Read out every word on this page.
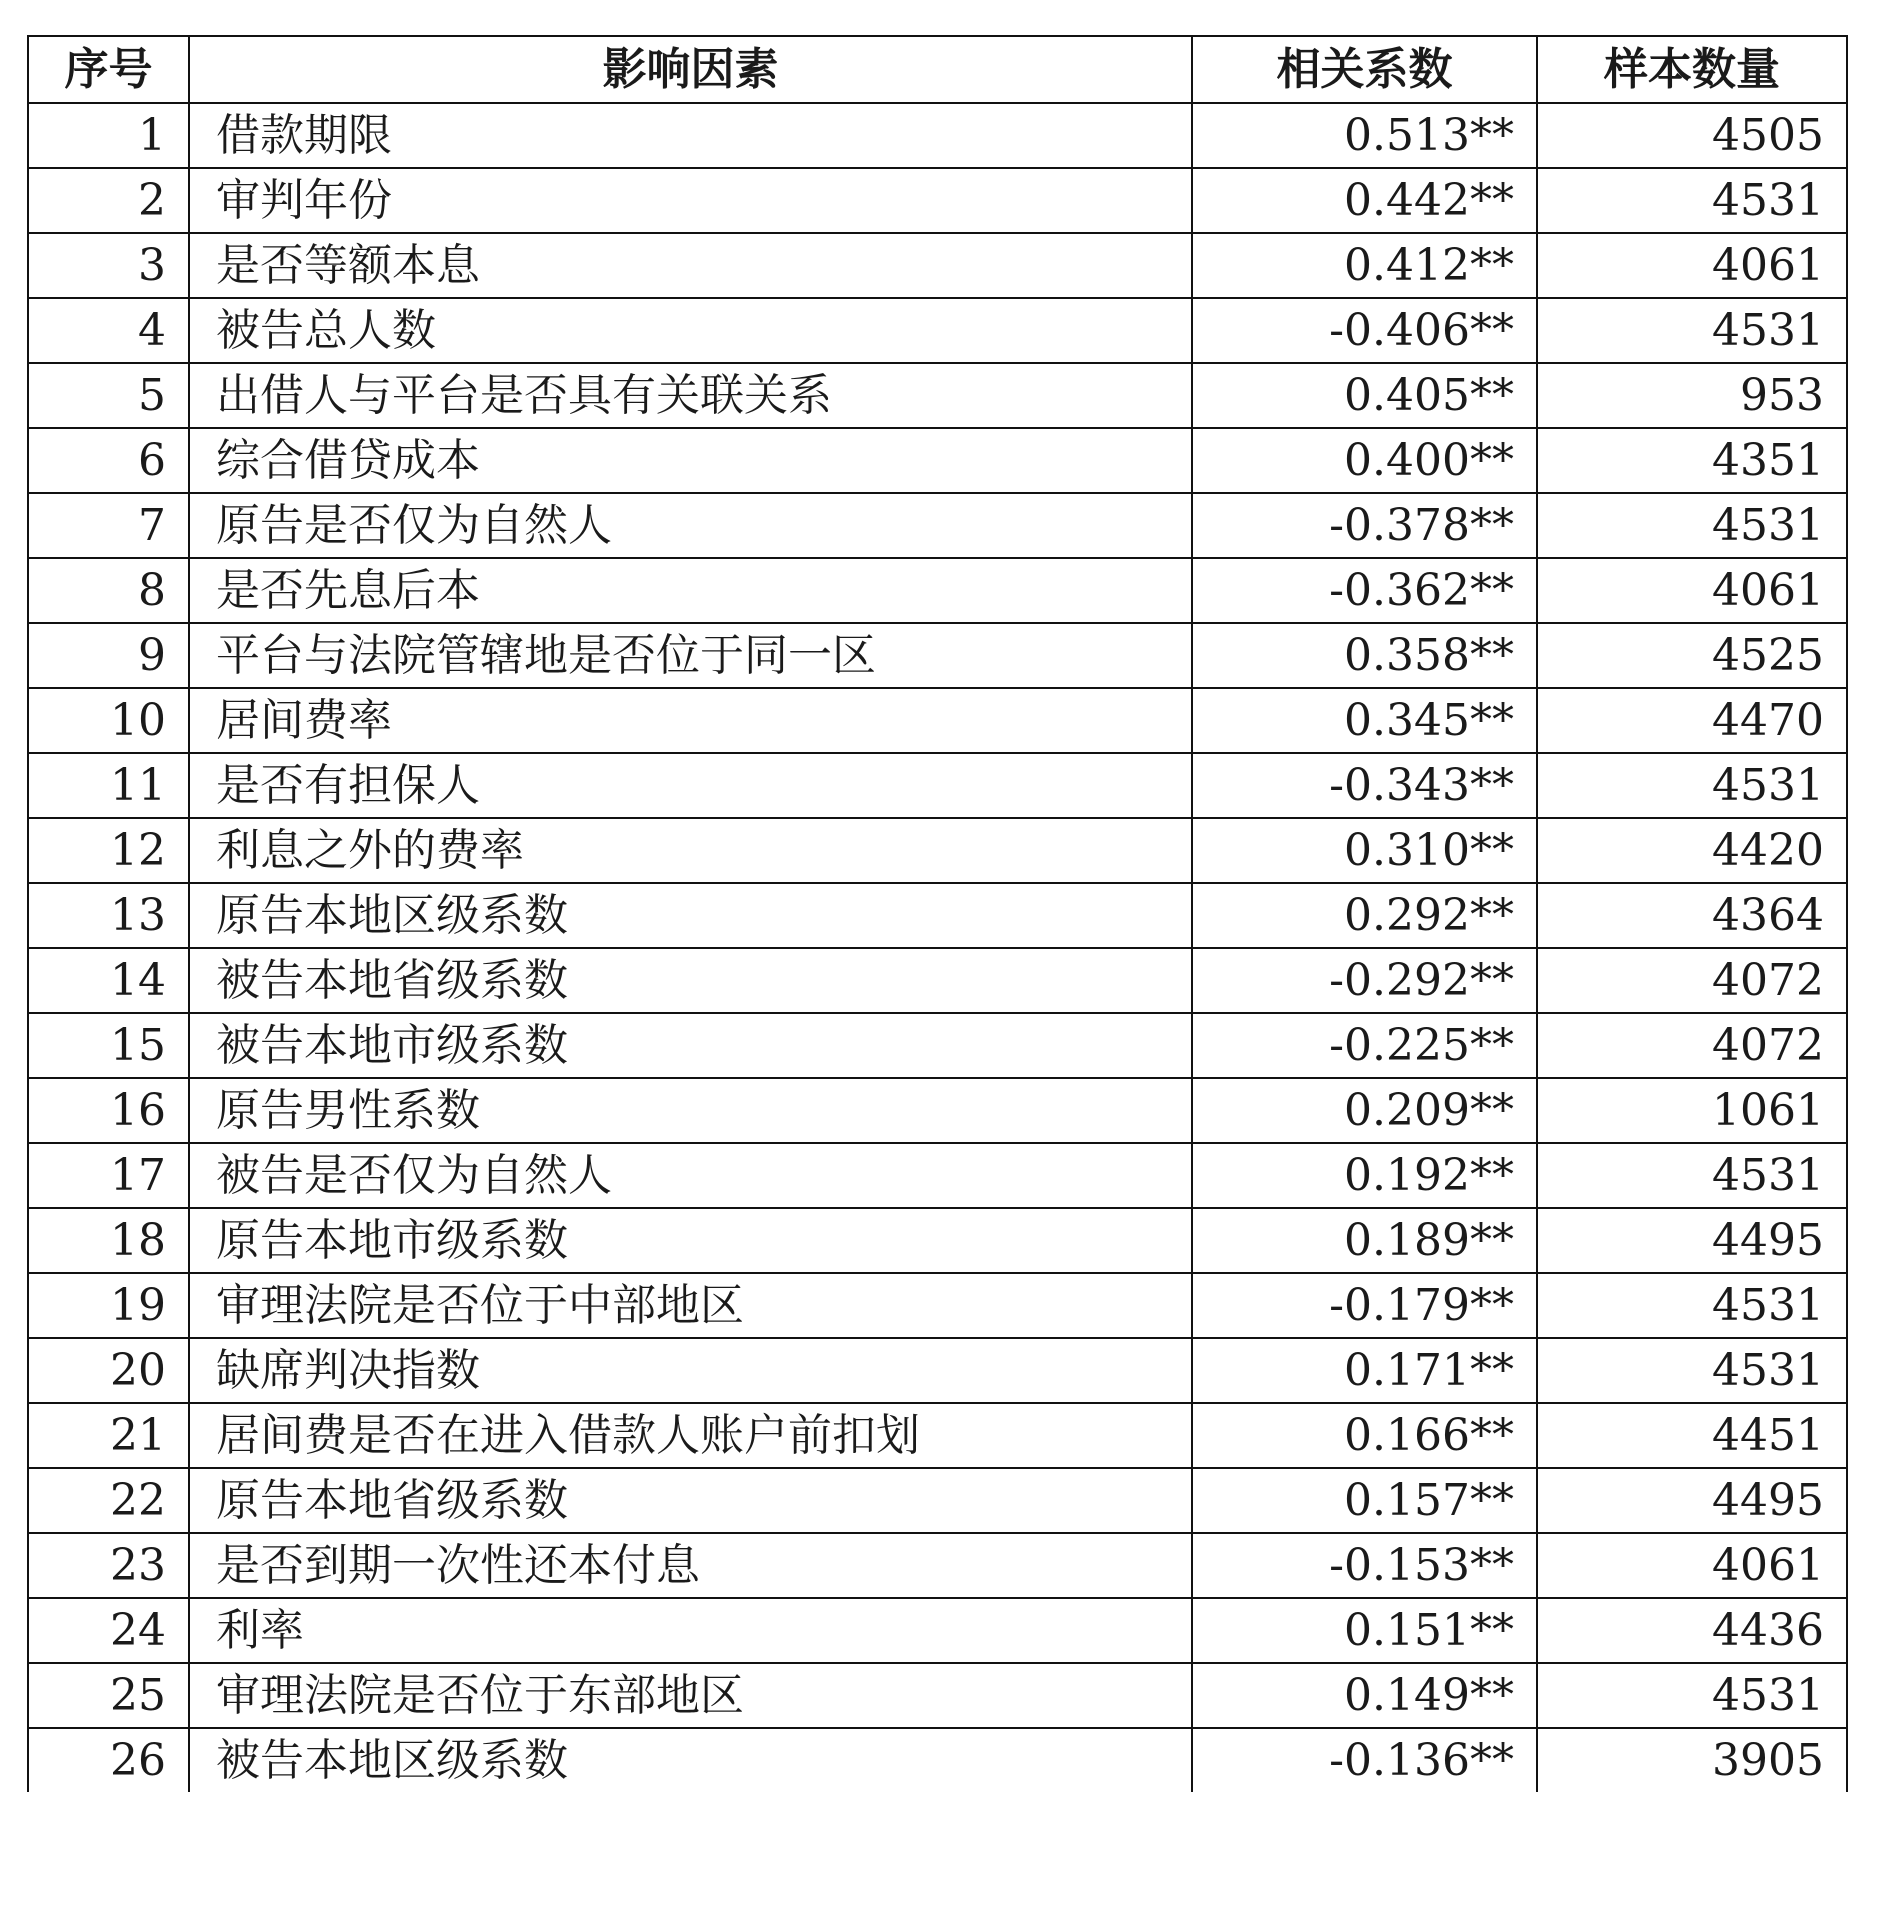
序号	影响因素	相关系数	样本数量
1	借款期限	0.513**	4505
2	审判年份	0.442**	4531
3	是否等额本息	0.412**	4061
4	被告总人数	-0.406**	4531
5	出借人与平台是否具有关联关系	0.405**	953
6	综合借贷成本	0.400**	4351
7	原告是否仅为自然人	-0.378**	4531
8	是否先息后本	-0.362**	4061
9	平台与法院管辖地是否位于同一区	0.358**	4525
10	居间费率	0.345**	4470
11	是否有担保人	-0.343**	4531
12	利息之外的费率	0.310**	4420
13	原告本地区级系数	0.292**	4364
14	被告本地省级系数	-0.292**	4072
15	被告本地市级系数	-0.225**	4072
16	原告男性系数	0.209**	1061
17	被告是否仅为自然人	0.192**	4531
18	原告本地市级系数	0.189**	4495
19	审理法院是否位于中部地区	-0.179**	4531
20	缺席判决指数	0.171**	4531
21	居间费是否在进入借款人账户前扣划	0.166**	4451
22	原告本地省级系数	0.157**	4495
23	是否到期一次性还本付息	-0.153**	4061
24	利率	0.151**	4436
25	审理法院是否位于东部地区	0.149**	4531
26	被告本地区级系数	-0.136**	3905
